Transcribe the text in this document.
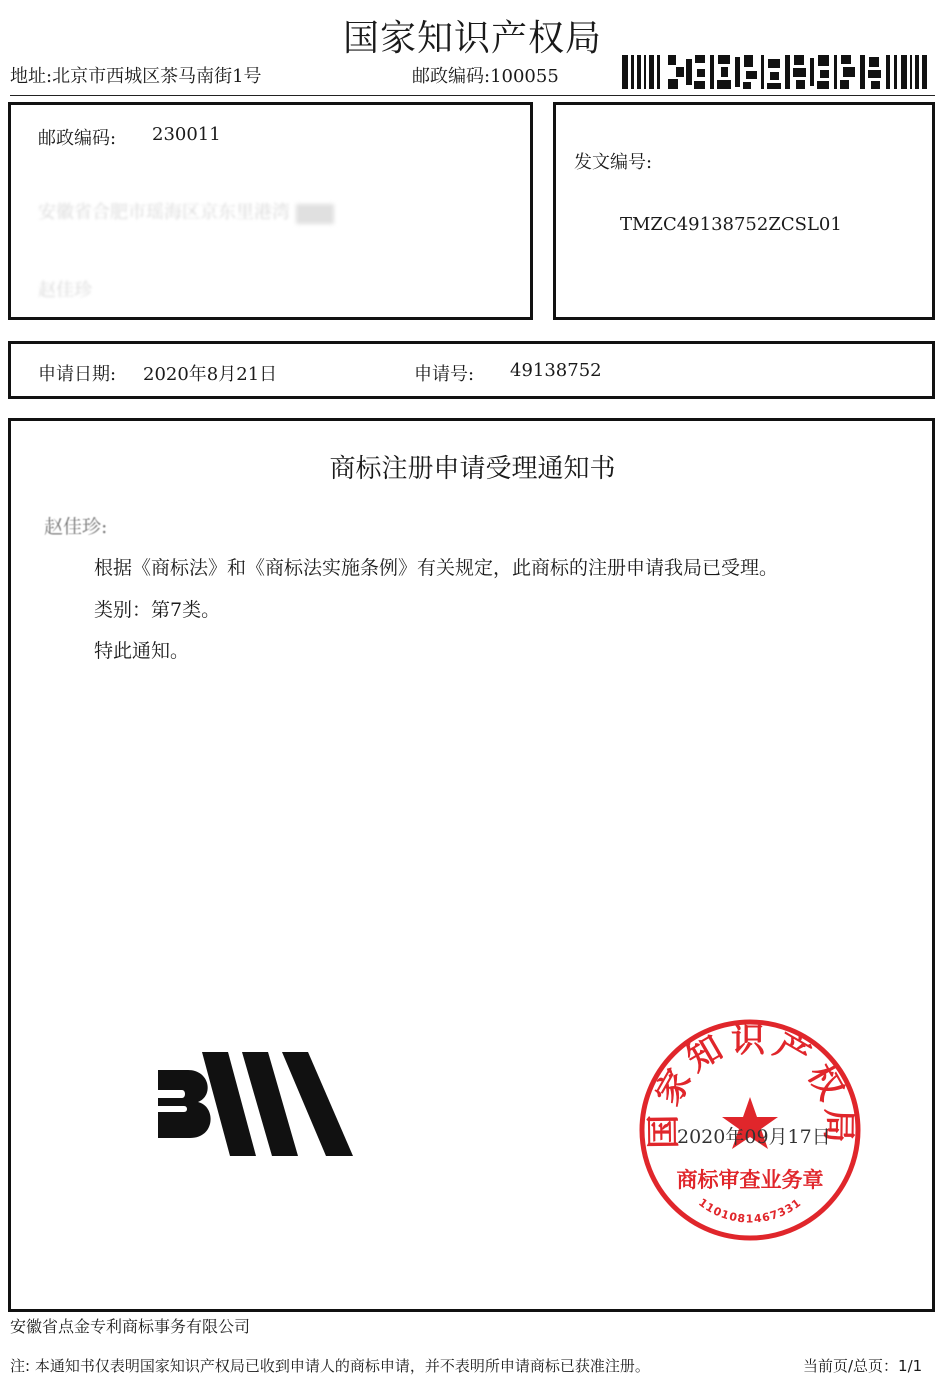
国家知识产权局
地址:北京市西城区茶马南街1号	邮政编码:100055
邮政编码: 230011
安徽省合肥市瑶海区京东里港湾
赵佳珍
发文编号:
TMZC49138752ZCSL01
申请日期: 2020年8月21日	申请号: 49138752
商标注册申请受理通知书
赵佳珍:
根据《商标法》和《商标法实施条例》有关规定，此商标的注册申请我局已受理。
类别：第7类。
特此通知。
国家知识产权局
商标审查业务章
1101081467331
2020年09月17日
安徽省点金专利商标事务有限公司
注: 本通知书仅表明国家知识产权局已收到申请人的商标申请，并不表明所申请商标已获准注册。	当前页/总页：1/1
